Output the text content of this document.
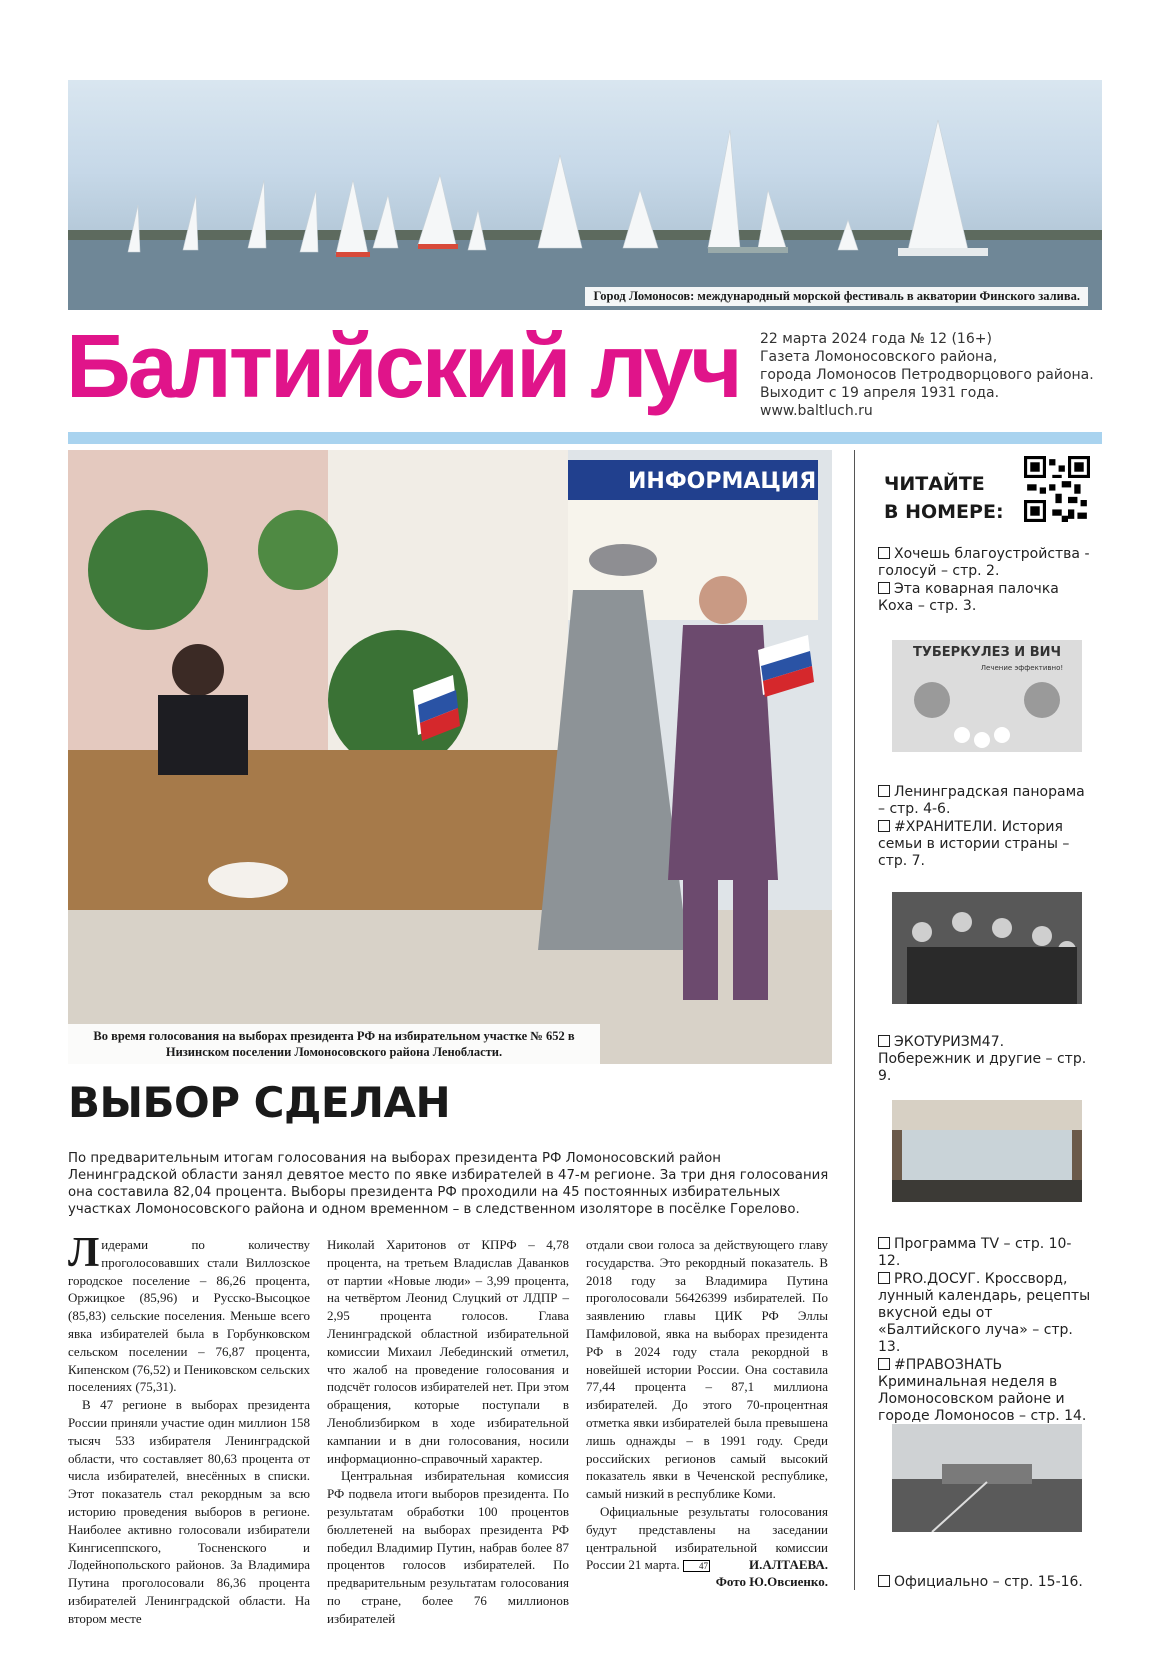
Город Ломоносов: международный морской фестиваль в акватории Финского залива.
Балтийский луч 22 марта 2024 года № 12 (16+)
Газета Ломоносовского района,
города Ломоносов Петродворцового района.
Выходит с 19 апреля 1931 года. www.baltluch.ru
ИНФОРМАЦИЯ
Во время голосования на выборах президента РФ на избирательном участке № 652 в Низинском поселении Ломоносовского района Ленобласти.
ВЫБОР СДЕЛАН
По предварительным итогам голосования на выборах президента РФ Ломоносовский район Ленинградской области занял девятое место по явке избирателей в 47-м регионе. За три дня голосования она составила 82,04 процента. Выборы президента РФ проходили на 45 постоянных избирательных участках Ломоносовского района и одном временном – в следственном изоляторе в посёлке Горелово.

Лидерами по количеству проголосовавших стали Виллозское городское поселение – 86,26 процента, Оржицкое (85,96) и Русско-Высоцкое (85,83) сельские поселения. Меньше всего явка избирателей была в Горбунковском сельском поселении – 76,87 процента, Кипенском (76,52) и Пениковском сельских поселениях (75,31).

В 47 регионе в выборах президента России приняли участие один миллион 158 тысяч 533 избирателя Ленинградской области, что составляет 80,63 процента от числа избирателей, внесённых в списки. Этот показатель стал рекордным за всю историю проведения выборов в регионе. Наиболее активно голосовали избиратели Кингисеппского, Тосненского и Лодейнопольского районов. За Владимира Путина проголосовали 86,36 процента избирателей Ленинградской области. На втором месте

Николай Харитонов от КПРФ – 4,78 процента, на третьем Владислав Даванков от партии «Новые люди» – 3,99 процента, на четвёртом Леонид Слуцкий от ЛДПР – 2,95 процента голосов. Глава Ленинградской областной избирательной комиссии Михаил Лебединский отметил, что жалоб на проведение голосования и подсчёт голосов избирателей нет. При этом обращения, которые поступали в Леноблизбирком в ходе избирательной кампании и в дни голосования, носили информационно-справочный характер.

Центральная избирательная комиссия РФ подвела итоги выборов президента. По результатам обработки 100 процентов бюллетеней на выборах президента РФ победил Владимир Путин, набрав более 87 процентов голосов избирателей. По предварительным результатам голосования по стране, более 76 миллионов избирателей

отдали свои голоса за действующего главу государства. Это рекордный показатель. В 2018 году за Владимира Путина проголосовали 56426399 избирателей. По заявлению главы ЦИК РФ Эллы Памфиловой, явка на выборах президента РФ в 2024 году стала рекордной в новейшей истории России. Она составила 77,44 процента – 87,1 миллиона избирателей. До этого 70-процентная отметка явки избирателей была превышена лишь однажды – в 1991 году. Среди российских регионов самый высокий показатель явки в Чеченской республике, самый низкий в республике Коми.

Официальные результаты голосования будут представлены на заседании центральной избирательной комиссии России 21 марта. 47	И.АЛТАЕВА.
Фото Ю.Овсиенко.
ЧИТАЙТЕ
В НОМЕРЕ:
Хочешь благоустройства - голосуй – стр. 2.
Эта коварная палочка Коха – стр. 3.
ТУБЕРКУЛЕЗ И ВИЧ
Лечение эффективно!
Ленинградская панорама – стр. 4-6.
#ХРАНИТЕЛИ. История семьи в истории страны – стр. 7.
ЭКОТУРИЗМ47. Побережник и другие – стр. 9.
Программа TV – стр. 10-12.
PRO.ДОСУГ. Кроссворд, лунный календарь, рецепты вкусной еды от «Балтийского луча» – стр. 13.
#ПРАВОЗНАТЬ Криминальная неделя в Ломоносовском районе и городе Ломоносов – стр. 14.
Официально – стр. 15-16.
